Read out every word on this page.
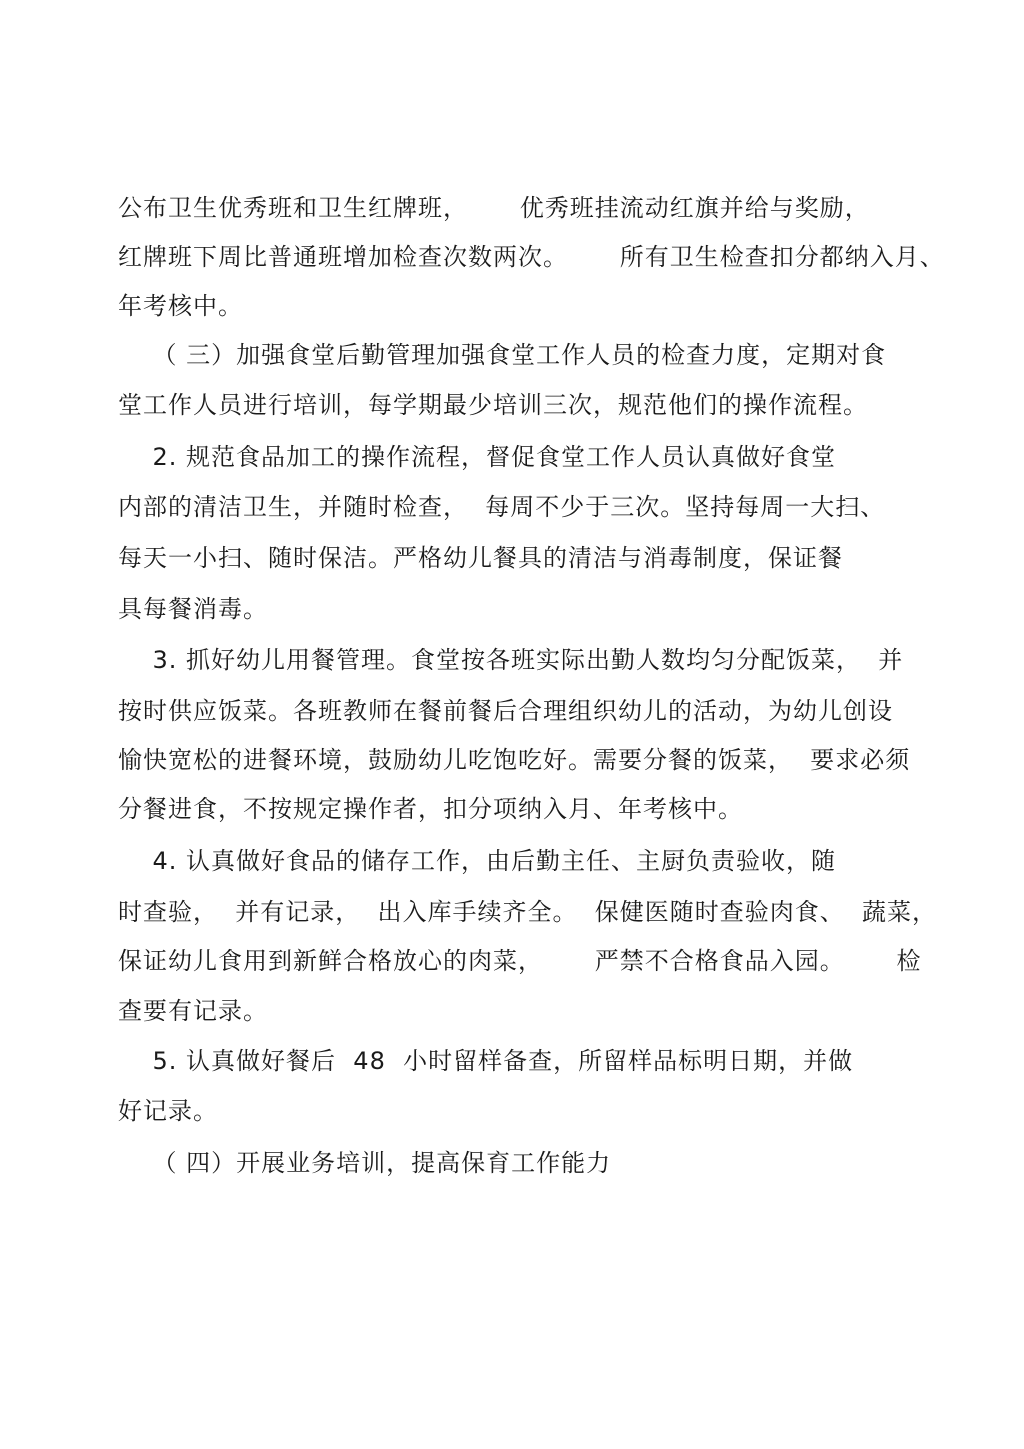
公布卫生优秀班和卫生红牌班，      优秀班挂流动红旗并给与奖励，
红牌班下周比普通班增加检查次数两次。      所有卫生检查扣分都纳入月、
年考核中。
（ 三）加强食堂后勤管理加强食堂工作人员的检查力度，定期对食
堂工作人员进行培训，每学期最少培训三次，规范他们的操作流程。
2. 规范食品加工的操作流程，督促食堂工作人员认真做好食堂
内部的清洁卫生，并随时检查，  每周不少于三次。坚持每周一大扫、
每天一小扫、随时保洁。严格幼儿餐具的清洁与消毒制度，保证餐
具每餐消毒。
3. 抓好幼儿用餐管理。食堂按各班实际出勤人数均匀分配饭菜，  并
按时供应饭菜。各班教师在餐前餐后合理组织幼儿的活动，为幼儿创设
愉快宽松的进餐环境，鼓励幼儿吃饱吃好。需要分餐的饭菜，  要求必须
分餐进食，不按规定操作者，扣分项纳入月、年考核中。
4. 认真做好食品的储存工作，由后勤主任、主厨负责验收，随
时查验，  并有记录，  出入库手续齐全。  保健医随时查验肉食、  蔬菜，
保证幼儿食用到新鲜合格放心的肉菜，      严禁不合格食品入园。      检
查要有记录。
5. 认真做好餐后  48  小时留样备查，所留样品标明日期，并做
好记录。
（ 四）开展业务培训，提高保育工作能力
